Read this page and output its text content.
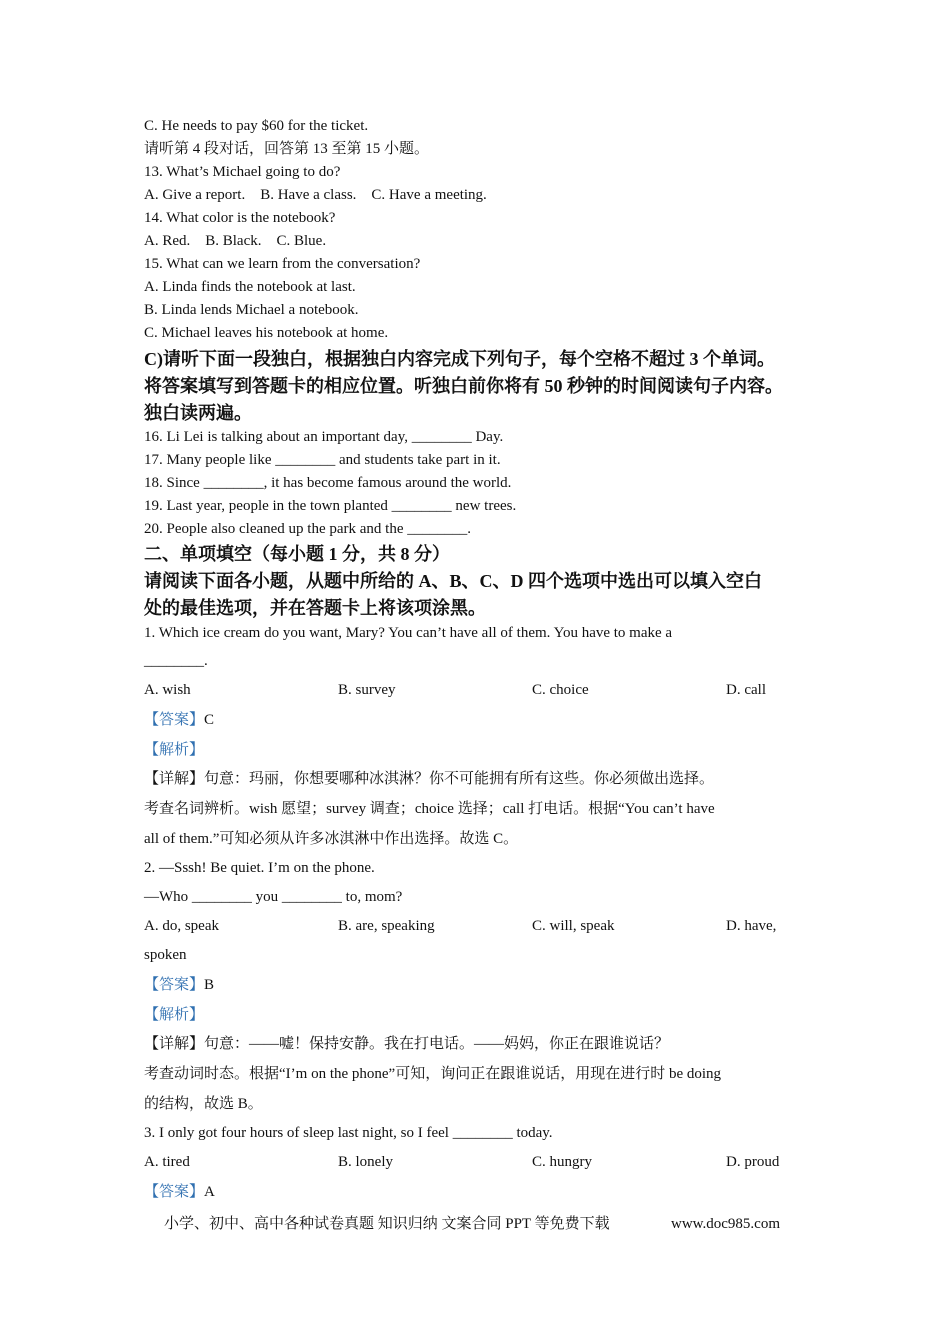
C. He needs to pay $60 for the ticket.
请听第 4 段对话，回答第 13 至第 15 小题。
13. What’s Michael going to do?
A. Give a report.    B. Have a class.    C. Have a meeting.
14. What color is the notebook?
A. Red.    B. Black.    C. Blue.
15. What can we learn from the conversation?
A. Linda finds the notebook at last.
B. Linda lends Michael a notebook.
C. Michael leaves his notebook at home.
C)请听下面一段独白，根据独白内容完成下列句子，每个空格不超过 3 个单词。
将答案填写到答题卡的相应位置。听独白前你将有 50 秒钟的时间阅读句子内容。
独白读两遍。
16. Li Lei is talking about an important day, ________ Day.
17. Many people like ________ and students take part in it.
18. Since ________, it has become famous around the world.
19. Last year, people in the town planted ________ new trees.
20. People also cleaned up the park and the ________.
二、单项填空（每小题 1 分，共 8 分）
请阅读下面各小题，从题中所给的 A、B、C、D 四个选项中选出可以填入空白
处的最佳选项，并在答题卡上将该项涂黑。
1. Which ice cream do you want, Mary? You can’t have all of them. You have to make a
________.
A. wish	B. survey	C. choice	D. call
【答案】C
【解析】
【详解】句意：玛丽，你想要哪种冰淇淋？你不可能拥有所有这些。你必须做出选择。
考查名词辨析。wish 愿望；survey 调查；choice 选择；call 打电话。根据“You can’t have
all of them.”可知必须从许多冰淇淋中作出选择。故选 C。
2. —Sssh! Be quiet. I’m on the phone.
—Who ________ you ________ to, mom?
A. do, speak	B. are, speaking	C. will, speak	D. have,
spoken
【答案】B
【解析】
【详解】句意：——嘘！保持安静。我在打电话。——妈妈，你正在跟谁说话？
考查动词时态。根据“I’m on the phone”可知，询问正在跟谁说话，用现在进行时 be doing
的结构，故选 B。
3. I only got four hours of sleep last night, so I feel ________ today.
A. tired	B. lonely	C. hungry	D. proud
【答案】A
小学、初中、高中各种试卷真题 知识归纳 文案合同 PPT 等免费下载	www.doc985.com
